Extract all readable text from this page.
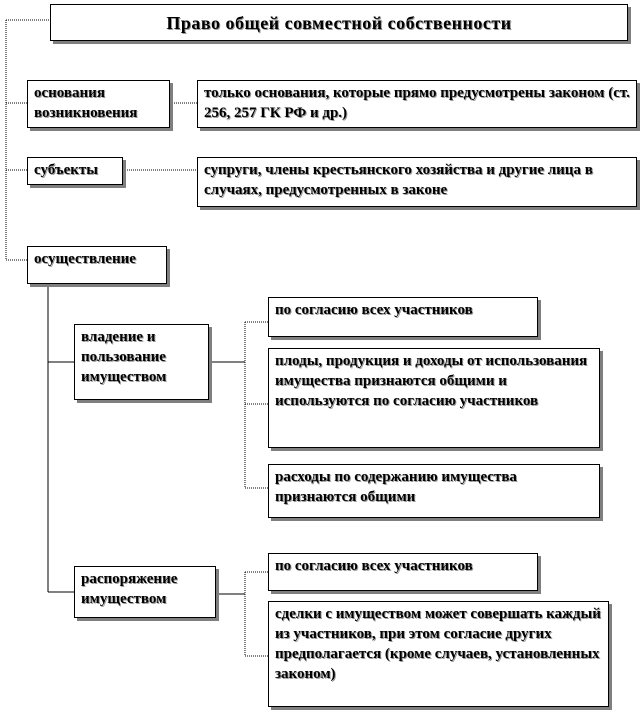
Право общей совместной собственности
основания возникновения
только основания, которые прямо предусмотрены законом (ст. 256, 257 ГК РФ и др.)
субъекты	супруги, члены крестьянского хозяйства и другие лица в случаях, предусмотренных в законе
осуществление
владение и пользование имуществом
по согласию всех участников
плоды, продукция и доходы от использования имущества признаются общими и используются по согласию участников
расходы по содержанию имущества признаются общими
распоряжение имуществом
по согласию всех участников
сделки с имуществом может совершать каждый из участников, при этом согласие других предполагается (кроме случаев, установленных законом)
